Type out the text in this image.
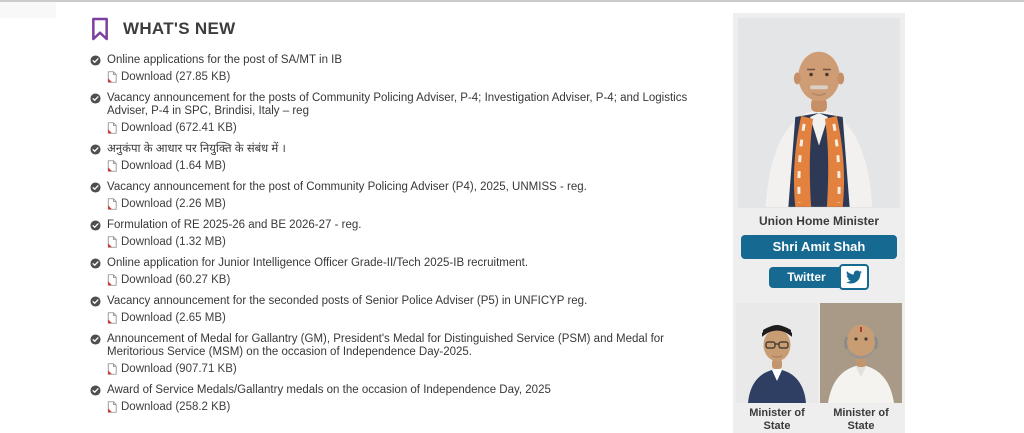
WHAT'S NEW
Online applications for the post of SA/MT in IB
Download (27.85 KB)
Vacancy announcement for the posts of Community Policing Adviser, P-4; Investigation Adviser, P-4; and Logistics Adviser, P-4 in SPC, Brindisi, Italy – reg
Download (672.41 KB)
अनुकंपा के आधार पर नियुक्ति के संबंध में ।
Download (1.64 MB)
Vacancy announcement for the post of Community Policing Adviser (P4), 2025, UNMISS - reg.
Download (2.26 MB)
Formulation of RE 2025-26 and BE 2026-27 - reg.
Download (1.32 MB)
Online application for Junior Intelligence Officer Grade-II/Tech 2025-IB recruitment.
Download (60.27 KB)
Vacancy announcement for the seconded posts of Senior Police Adviser (P5) in UNFICYP reg.
Download (2.65 MB)
Announcement of Medal for Gallantry (GM), President's Medal for Distinguished Service (PSM) and Medal for Meritorious Service (MSM) on the occasion of Independence Day-2025.
Download (907.71 KB)
Award of Service Medals/Gallantry medals on the occasion of Independence Day, 2025
Download (258.2 KB)
Union Home Minister
Shri Amit Shah
Twitter
Minister of State
Minister of State
